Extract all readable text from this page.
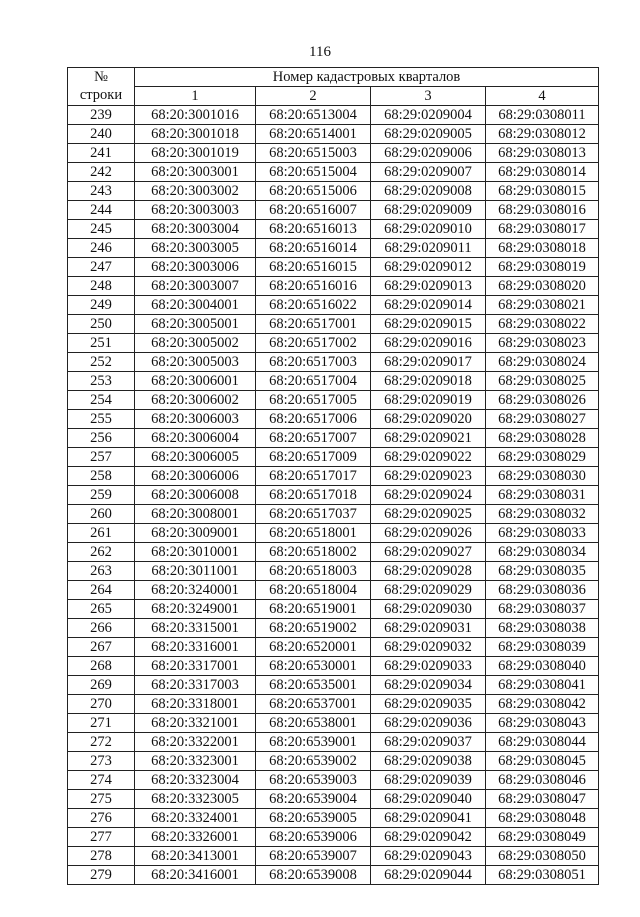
116
№	Номер кадастровых кварталов			
строки	1	2	3	4
239	68:20:3001016	68:20:6513004	68:29:0209004	68:29:0308011
240	68:20:3001018	68:20:6514001	68:29:0209005	68:29:0308012
241	68:20:3001019	68:20:6515003	68:29:0209006	68:29:0308013
242	68:20:3003001	68:20:6515004	68:29:0209007	68:29:0308014
243	68:20:3003002	68:20:6515006	68:29:0209008	68:29:0308015
244	68:20:3003003	68:20:6516007	68:29:0209009	68:29:0308016
245	68:20:3003004	68:20:6516013	68:29:0209010	68:29:0308017
246	68:20:3003005	68:20:6516014	68:29:0209011	68:29:0308018
247	68:20:3003006	68:20:6516015	68:29:0209012	68:29:0308019
248	68:20:3003007	68:20:6516016	68:29:0209013	68:29:0308020
249	68:20:3004001	68:20:6516022	68:29:0209014	68:29:0308021
250	68:20:3005001	68:20:6517001	68:29:0209015	68:29:0308022
251	68:20:3005002	68:20:6517002	68:29:0209016	68:29:0308023
252	68:20:3005003	68:20:6517003	68:29:0209017	68:29:0308024
253	68:20:3006001	68:20:6517004	68:29:0209018	68:29:0308025
254	68:20:3006002	68:20:6517005	68:29:0209019	68:29:0308026
255	68:20:3006003	68:20:6517006	68:29:0209020	68:29:0308027
256	68:20:3006004	68:20:6517007	68:29:0209021	68:29:0308028
257	68:20:3006005	68:20:6517009	68:29:0209022	68:29:0308029
258	68:20:3006006	68:20:6517017	68:29:0209023	68:29:0308030
259	68:20:3006008	68:20:6517018	68:29:0209024	68:29:0308031
260	68:20:3008001	68:20:6517037	68:29:0209025	68:29:0308032
261	68:20:3009001	68:20:6518001	68:29:0209026	68:29:0308033
262	68:20:3010001	68:20:6518002	68:29:0209027	68:29:0308034
263	68:20:3011001	68:20:6518003	68:29:0209028	68:29:0308035
264	68:20:3240001	68:20:6518004	68:29:0209029	68:29:0308036
265	68:20:3249001	68:20:6519001	68:29:0209030	68:29:0308037
266	68:20:3315001	68:20:6519002	68:29:0209031	68:29:0308038
267	68:20:3316001	68:20:6520001	68:29:0209032	68:29:0308039
268	68:20:3317001	68:20:6530001	68:29:0209033	68:29:0308040
269	68:20:3317003	68:20:6535001	68:29:0209034	68:29:0308041
270	68:20:3318001	68:20:6537001	68:29:0209035	68:29:0308042
271	68:20:3321001	68:20:6538001	68:29:0209036	68:29:0308043
272	68:20:3322001	68:20:6539001	68:29:0209037	68:29:0308044
273	68:20:3323001	68:20:6539002	68:29:0209038	68:29:0308045
274	68:20:3323004	68:20:6539003	68:29:0209039	68:29:0308046
275	68:20:3323005	68:20:6539004	68:29:0209040	68:29:0308047
276	68:20:3324001	68:20:6539005	68:29:0209041	68:29:0308048
277	68:20:3326001	68:20:6539006	68:29:0209042	68:29:0308049
278	68:20:3413001	68:20:6539007	68:29:0209043	68:29:0308050
279	68:20:3416001	68:20:6539008	68:29:0209044	68:29:0308051
